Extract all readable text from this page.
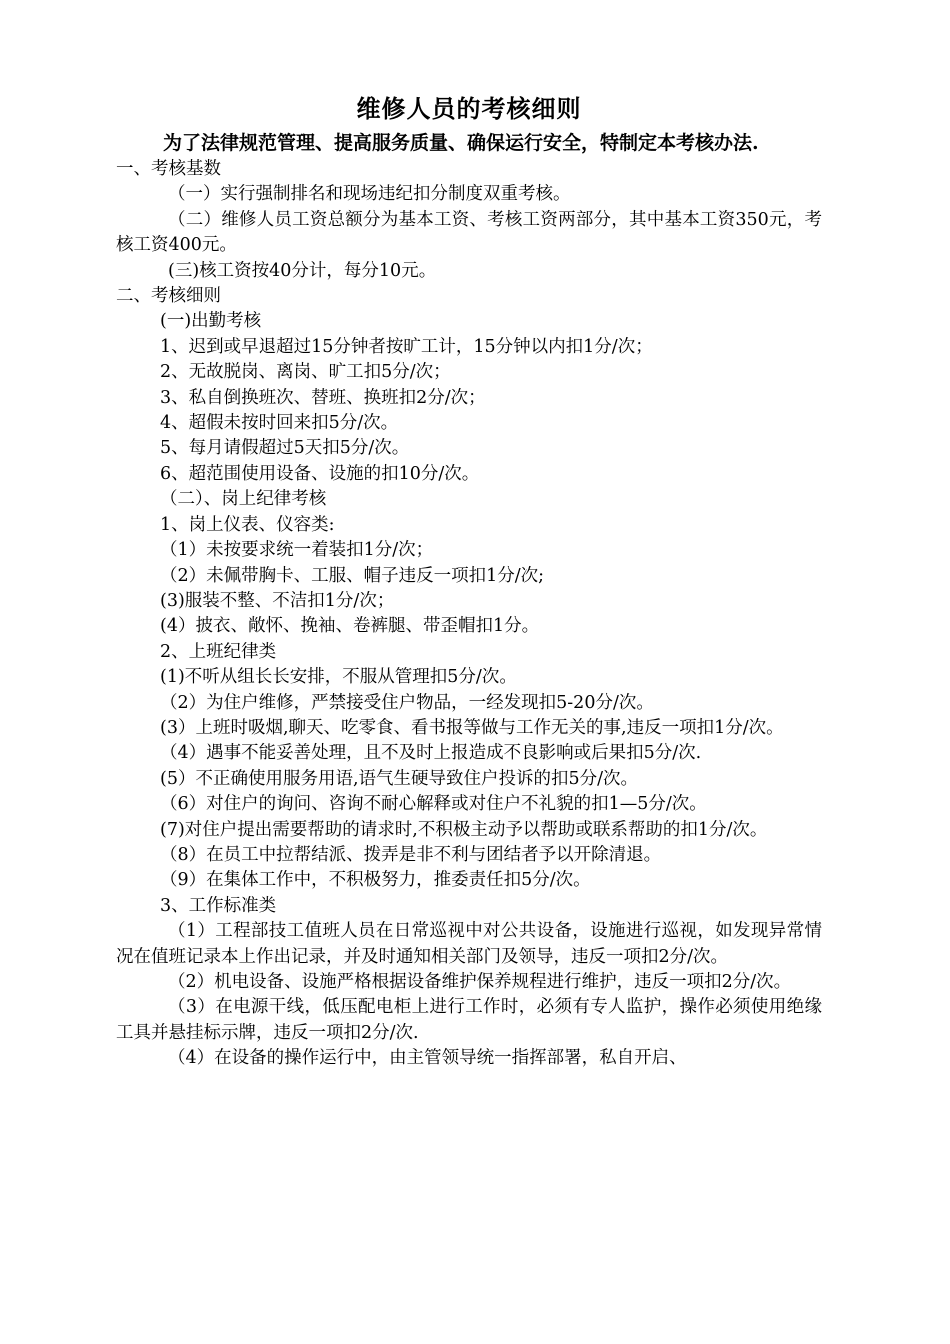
维修人员的考核细则

为了法律规范管理、提高服务质量、确保运行安全，特制定本考核办法.

一、考核基数

（一）实行强制排名和现场违纪扣分制度双重考核。

（二）维修人员工资总额分为基本工资、考核工资两部分，其中基本工资350元，考核工资400元。

(三)核工资按40分计，每分10元。

二、考核细则

(一)出勤考核

1、迟到或早退超过15分钟者按旷工计，15分钟以内扣1分/次；

2、无故脱岗、离岗、旷工扣5分/次；

3、私自倒换班次、替班、换班扣2分/次；

4、超假未按时回来扣5分/次。

5、每月请假超过5天扣5分/次。

6、超范围使用设备、设施的扣10分/次。

（二）、岗上纪律考核

1、岗上仪表、仪容类:

（1）未按要求统一着装扣1分/次；

（2）未佩带胸卡、工服、帽子违反一项扣1分/次;

(3)服装不整、不洁扣1分/次；

(4）披衣、敞怀、挽袖、卷裤腿、带歪帽扣1分。

2、上班纪律类

(1)不听从组长长安排，不服从管理扣5分/次。

（2）为住户维修，严禁接受住户物品，一经发现扣5-20分/次。

(3）上班时吸烟,聊天、吃零食、看书报等做与工作无关的事,违反一项扣1分/次。

（4）遇事不能妥善处理，且不及时上报造成不良影响或后果扣5分/次.

(5）不正确使用服务用语,语气生硬导致住户投诉的扣5分/次。

（6）对住户的询问、咨询不耐心解释或对住户不礼貌的扣1—5分/次。

(7)对住户提出需要帮助的请求时,不积极主动予以帮助或联系帮助的扣1分/次。

（8）在员工中拉帮结派、拨弄是非不利与团结者予以开除清退。

（9）在集体工作中，不积极努力，推委责任扣5分/次。

3、工作标准类

（1）工程部技工值班人员在日常巡视中对公共设备，设施进行巡视，如发现异常情况在值班记录本上作出记录，并及时通知相关部门及领导，违反一项扣2分/次。

（2）机电设备、设施严格根据设备维护保养规程进行维护，违反一项扣2分/次。

（3）在电源干线，低压配电柜上进行工作时，必须有专人监护，操作必须使用绝缘工具并悬挂标示牌，违反一项扣2分/次.

（4）在设备的操作运行中，由主管领导统一指挥部署，私自开启、
